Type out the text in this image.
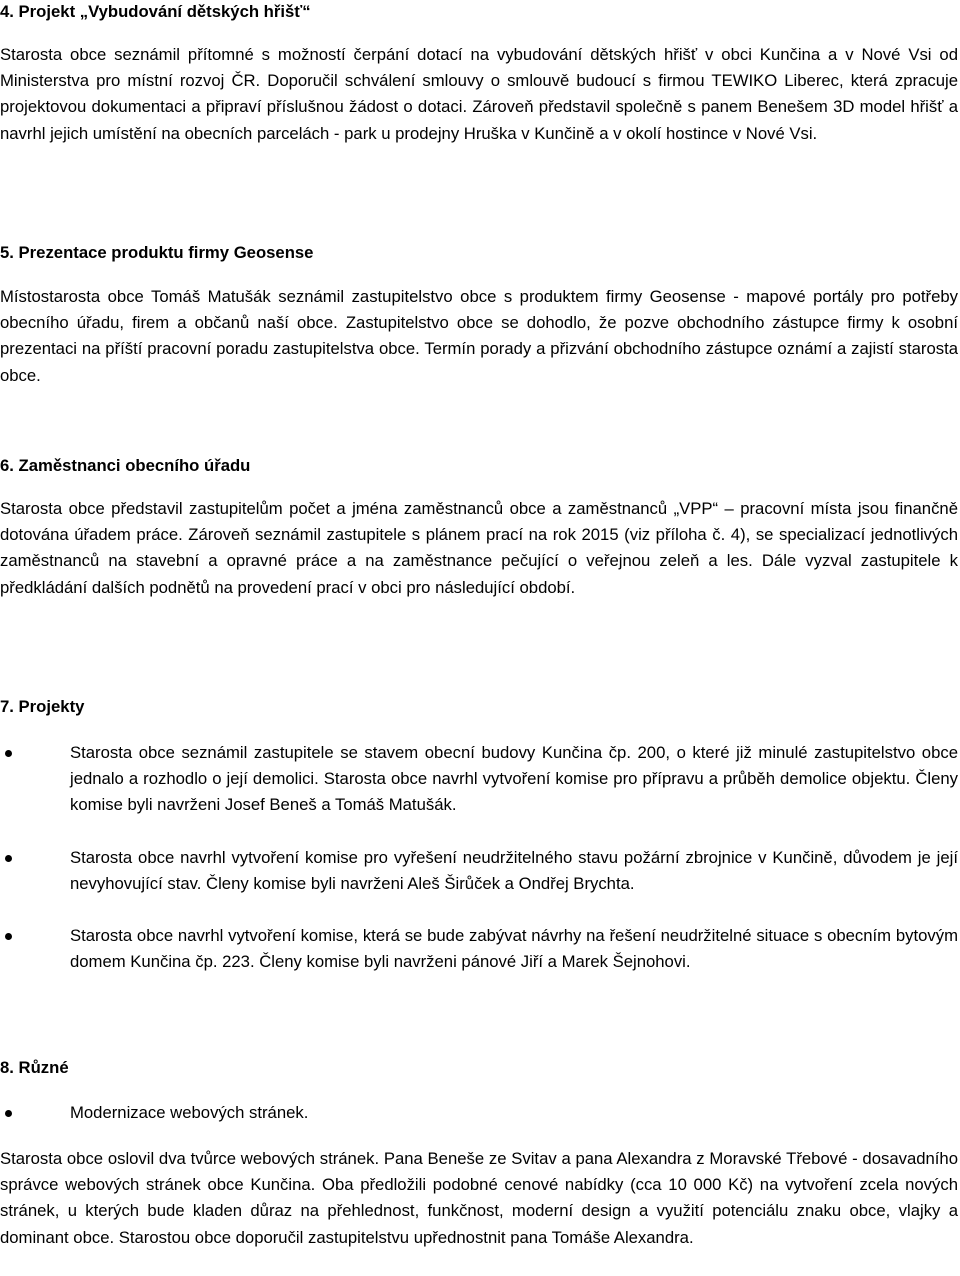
4. Projekt „Vybudování dětských hřišť“

Starosta obce seznámil přítomné s možností čerpání dotací na vybudování dětských hřišť v obci Kunčina a v Nové Vsi od Ministerstva pro místní rozvoj ČR. Doporučil schválení smlouvy o smlouvě budoucí s firmou TEWIKO Liberec, která zpracuje projektovou dokumentaci a připraví příslušnou žádost o dotaci. Zároveň představil společně s panem Benešem 3D model hřišť a navrhl jejich umístění na obecních parcelách - park u prodejny Hruška v Kunčině a v okolí hostince v Nové Vsi.

5. Prezentace produktu firmy Geosense

Místostarosta obce Tomáš Matušák seznámil zastupitelstvo obce s produktem firmy Geosense - mapové portály pro potřeby obecního úřadu, firem a občanů naší obce. Zastupitelstvo obce se dohodlo, že pozve obchodního zástupce firmy k osobní prezentaci na příští pracovní poradu zastupitelstva obce. Termín porady a přizvání obchodního zástupce oznámí a zajistí starosta obce.

6. Zaměstnanci obecního úřadu

Starosta obce představil zastupitelům počet a jména zaměstnanců obce a zaměstnanců „VPP“ – pracovní místa jsou finančně dotována úřadem práce. Zároveň seznámil zastupitele s plánem prací na rok 2015 (viz příloha č. 4), se specializací jednotlivých zaměstnanců na stavební a opravné práce a na zaměstnance pečující o veřejnou zeleň a les. Dále vyzval zastupitele k předkládání dalších podnětů na provedení prací v obci pro následující období.

7. Projekty

Starosta obce seznámil zastupitele se stavem obecní budovy Kunčina čp. 200, o které již minulé zastupitelstvo obce jednalo a rozhodlo o její demolici. Starosta obce navrhl vytvoření komise pro přípravu a průběh demolice objektu. Členy komise byli navrženi Josef Beneš a Tomáš Matušák.

Starosta obce navrhl vytvoření komise pro vyřešení neudržitelného stavu požární zbrojnice v Kunčině, důvodem je její nevyhovující stav. Členy komise byli navrženi Aleš Širůček a Ondřej Brychta.

Starosta obce navrhl vytvoření komise, která se bude zabývat návrhy na řešení neudržitelné situace s obecním bytovým domem Kunčina čp. 223. Členy komise byli navrženi pánové Jiří a Marek Šejnohovi.

8. Různé

Modernizace webových stránek.

Starosta obce oslovil dva tvůrce webových stránek. Pana Beneše ze Svitav a pana Alexandra z Moravské Třebové - dosavadního správce webových stránek obce Kunčina. Oba předložili podobné cenové nabídky (cca 10 000 Kč) na vytvoření zcela nových stránek, u kterých bude kladen důraz na přehlednost, funkčnost, moderní design a využití potenciálu znaku obce, vlajky a dominant obce. Starostou obce doporučil zastupitelstvu upřednostnit pana Tomáše Alexandra.
